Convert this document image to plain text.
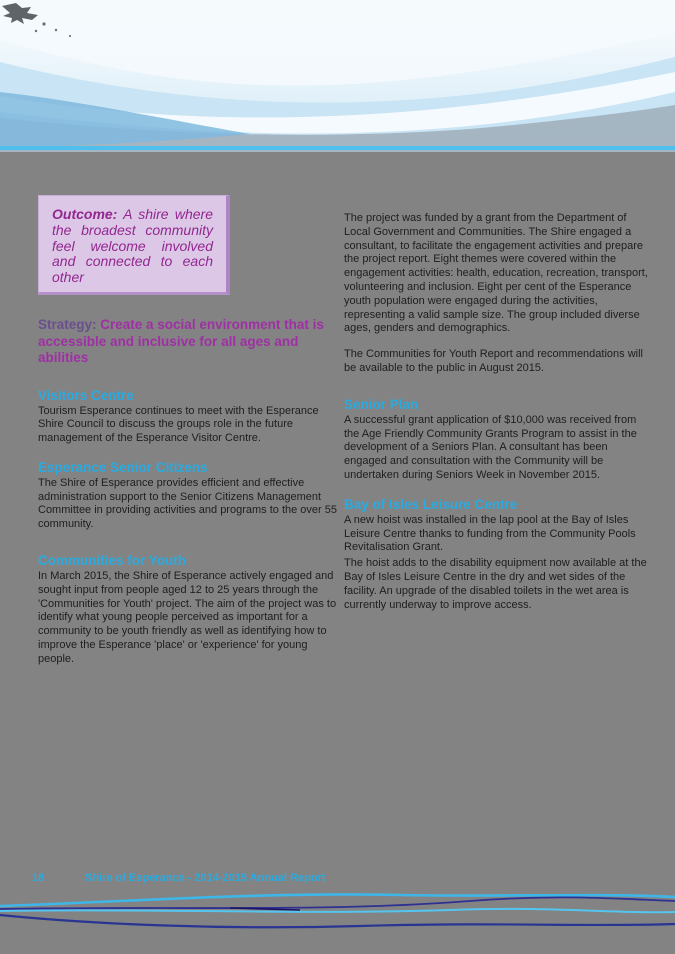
Outcome: A shire where the broadest community feel welcome involved and connected to each other
Strategy: Create a social environment that is accessible and inclusive for all ages and abilities
Visitors Centre

Tourism Esperance continues to meet with the Esperance Shire Council to discuss the groups role in the future management of the Esperance Visitor Centre.

Esperance Senior Citizens

The Shire of Esperance provides efficient and effective administration support to the Senior Citizens Management Committee in providing activities and programs to the over 55 community.

Communities for Youth

In March 2015, the Shire of Esperance actively engaged and sought input from people aged 12 to 25 years through the 'Communities for Youth' project. The aim of the project was to identify what young people perceived as important for a community to be youth friendly as well as identifying how to improve the Esperance 'place' or 'experience' for young people.

The project was funded by a grant from the Department of Local Government and Communities. The Shire engaged a consultant, to facilitate the engagement activities and prepare the project report. Eight themes were covered within the engagement activities: health, education, recreation, transport, volunteering and inclusion. Eight per cent of the Esperance youth population were engaged during the activities, representing a valid sample size. The group included diverse ages, genders and demographics.

The Communities for Youth Report and recommendations will be available to the public in August 2015.

Senior Plan

A successful grant application of $10,000 was received from the Age Friendly Community Grants Program to assist in the development of a Seniors Plan. A consultant has been engaged and consultation with the Community will be undertaken during Seniors Week in November 2015.

Bay of Isles Leisure Centre

A new hoist was installed in the lap pool at the Bay of Isles Leisure Centre thanks to funding from the Community Pools Revitalisation Grant.

The hoist adds to the disability equipment now available at the Bay of Isles Leisure Centre in the dry and wet sides of the facility. An upgrade of the disabled toilets in the wet area is currently underway to improve access.

18	Shire of Esperance - 2014-2015 Annual Report
